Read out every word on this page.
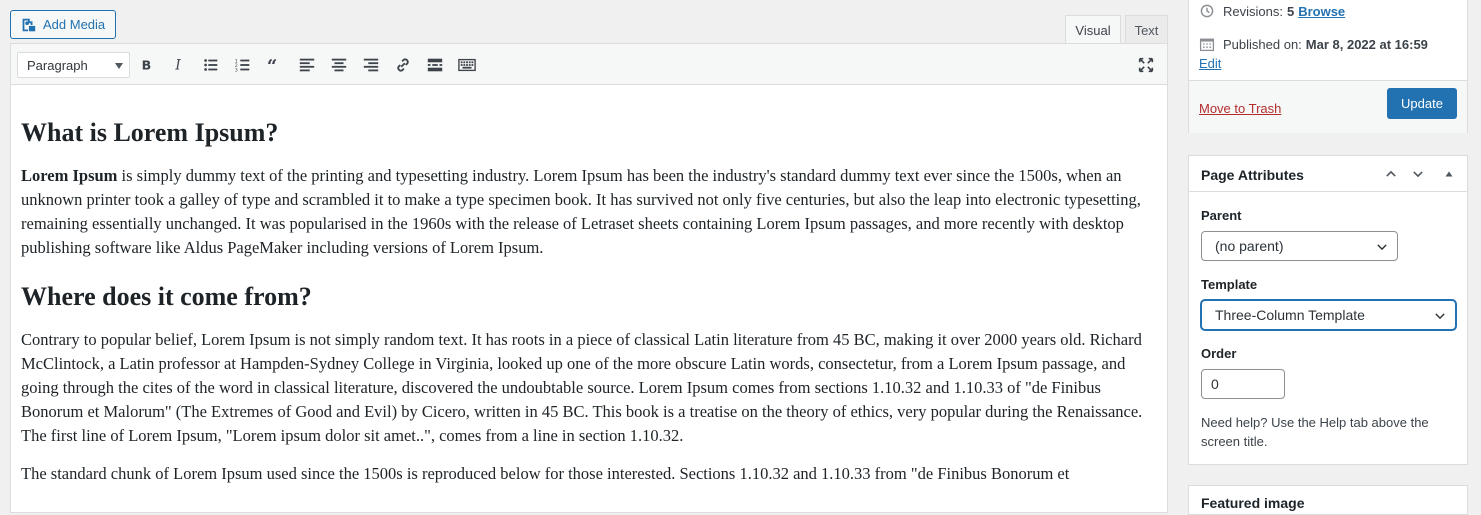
Add Media	Visual	Text
Paragraph	B I	1
2
3 “
What is Lorem Ipsum?

Lorem Ipsum is simply dummy text of the printing and typesetting industry. Lorem Ipsum has been the industry's standard dummy text ever since the 1500s, when an unknown printer took a galley of type and scrambled it to make a type specimen book. It has survived not only five centuries, but also the leap into electronic typesetting, remaining essentially unchanged. It was popularised in the 1960s with the release of Letraset sheets containing Lorem Ipsum passages, and more recently with desktop publishing software like Aldus PageMaker including versions of Lorem Ipsum.

Where does it come from?

Contrary to popular belief, Lorem Ipsum is not simply random text. It has roots in a piece of classical Latin literature from 45 BC, making it over 2000 years old. Richard McClintock, a Latin professor at Hampden-Sydney College in Virginia, looked up one of the more obscure Latin words, consectetur, from a Lorem Ipsum passage, and going through the cites of the word in classical literature, discovered the undoubtable source. Lorem Ipsum comes from sections 1.10.32 and 1.10.33 of "de Finibus Bonorum et Malorum" (The Extremes of Good and Evil) by Cicero, written in 45 BC. This book is a treatise on the theory of ethics, very popular during the Renaissance. The first line of Lorem Ipsum, "Lorem ipsum dolor sit amet..", comes from a line in section 1.10.32.

The standard chunk of Lorem Ipsum used since the 1500s is reproduced below for those interested. Sections 1.10.32 and 1.10.33 from "de Finibus Bonorum et

Revisions: 5 Browse
Published on: Mar 8, 2022 at 16:59
Edit
Move to Trash	Update
Page Attributes
Parent
(no parent)
Template
Three-Column Template
Order
0
Need help? Use the Help tab above the screen title.
Featured image
